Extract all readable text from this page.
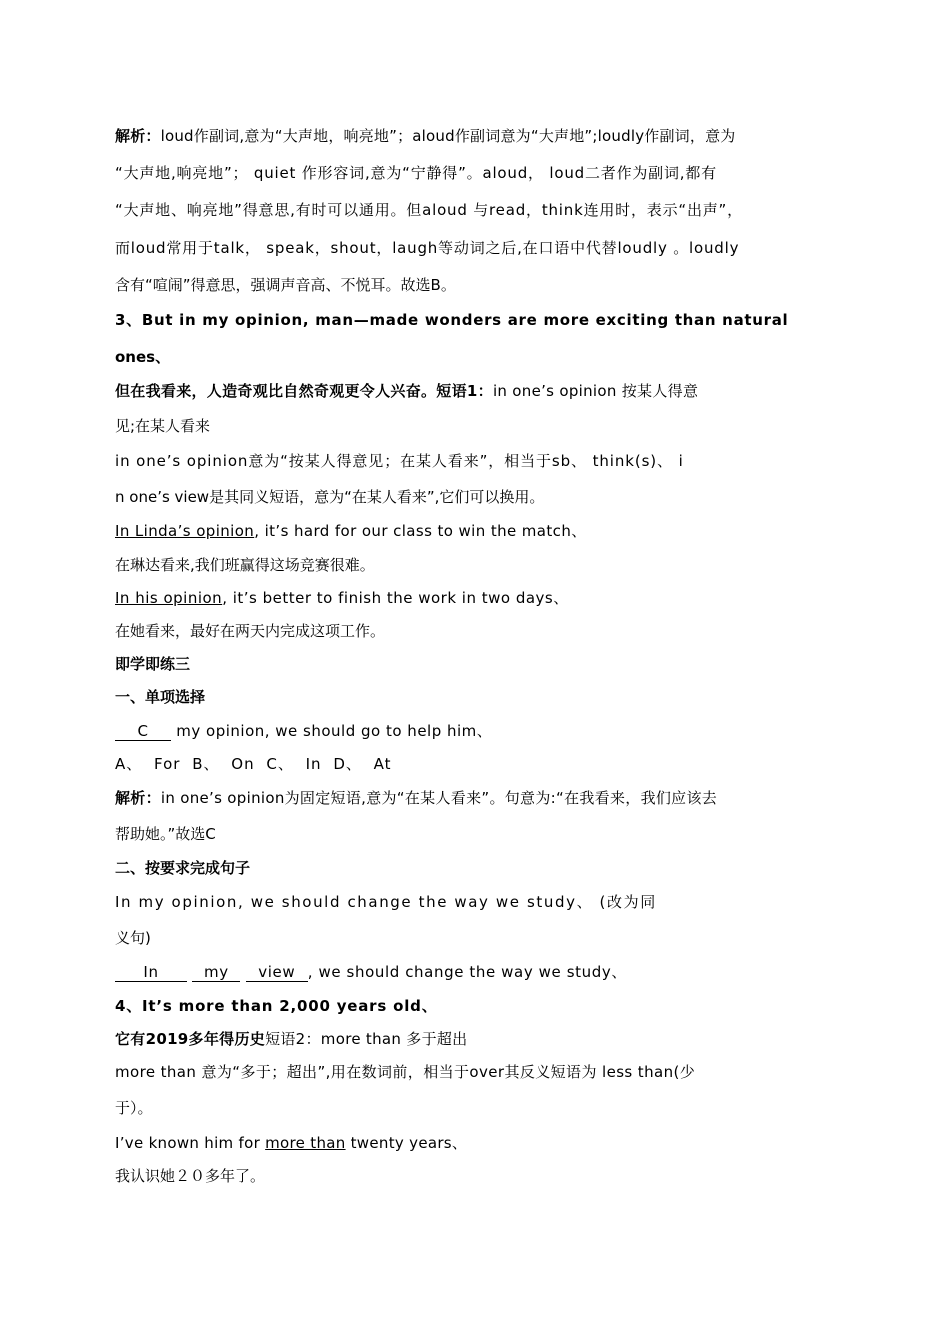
解析：loud作副词,意为“大声地，响亮地”；aloud作副词意为“大声地”;loudly作副词，意为
“大声地,响亮地”； quiet 作形容词,意为“宁静得”。aloud， loud二者作为副词,都有
“大声地、响亮地”得意思,有时可以通用。但aloud 与read，think连用时，表示“出声”，
而loud常用于talk， speak，shout，laugh等动词之后,在口语中代替loudly 。loudly
含有“喧闹”得意思，强调声音高、不悦耳。故选B。
3、But in my opinion, man—made wonders are more exciting than natural
ones、
但在我看来，人造奇观比自然奇观更令人兴奋。短语1：in one’s opinion 按某人得意
见;在某人看来
in one’s opinion意为“按某人得意见；在某人看来”，相当于sb、 think(s)、 i
n one’s view是其同义短语，意为“在某人看来”,它们可以换用。
In Linda’s opinion, it’s hard for our class to win the match、
在琳达看来,我们班赢得这场竞赛很难。
In his opinion, it’s better to finish the work in two days、
在她看来，最好在两天内完成这项工作。
即学即练三
一、单项选择
C my opinion, we should go to help him、
A、 For B、 On C、 In D、 At
解析：in one’s opinion为固定短语,意为“在某人看来”。句意为:“在我看来，我们应该去
帮助她。”故选C
二、按要求完成句子
In my opinion, we should change the way we study、 (改为同
义句)
In	my view , we should change the way we study、
4、It’s more than 2,000 years old、
它有2019多年得历史短语2：more than 多于超出
more than 意为“多于；超出”,用在数词前，相当于over其反义短语为 less than(少
于）。
I’ve known him for more than twenty years、
我认识她２０多年了。
